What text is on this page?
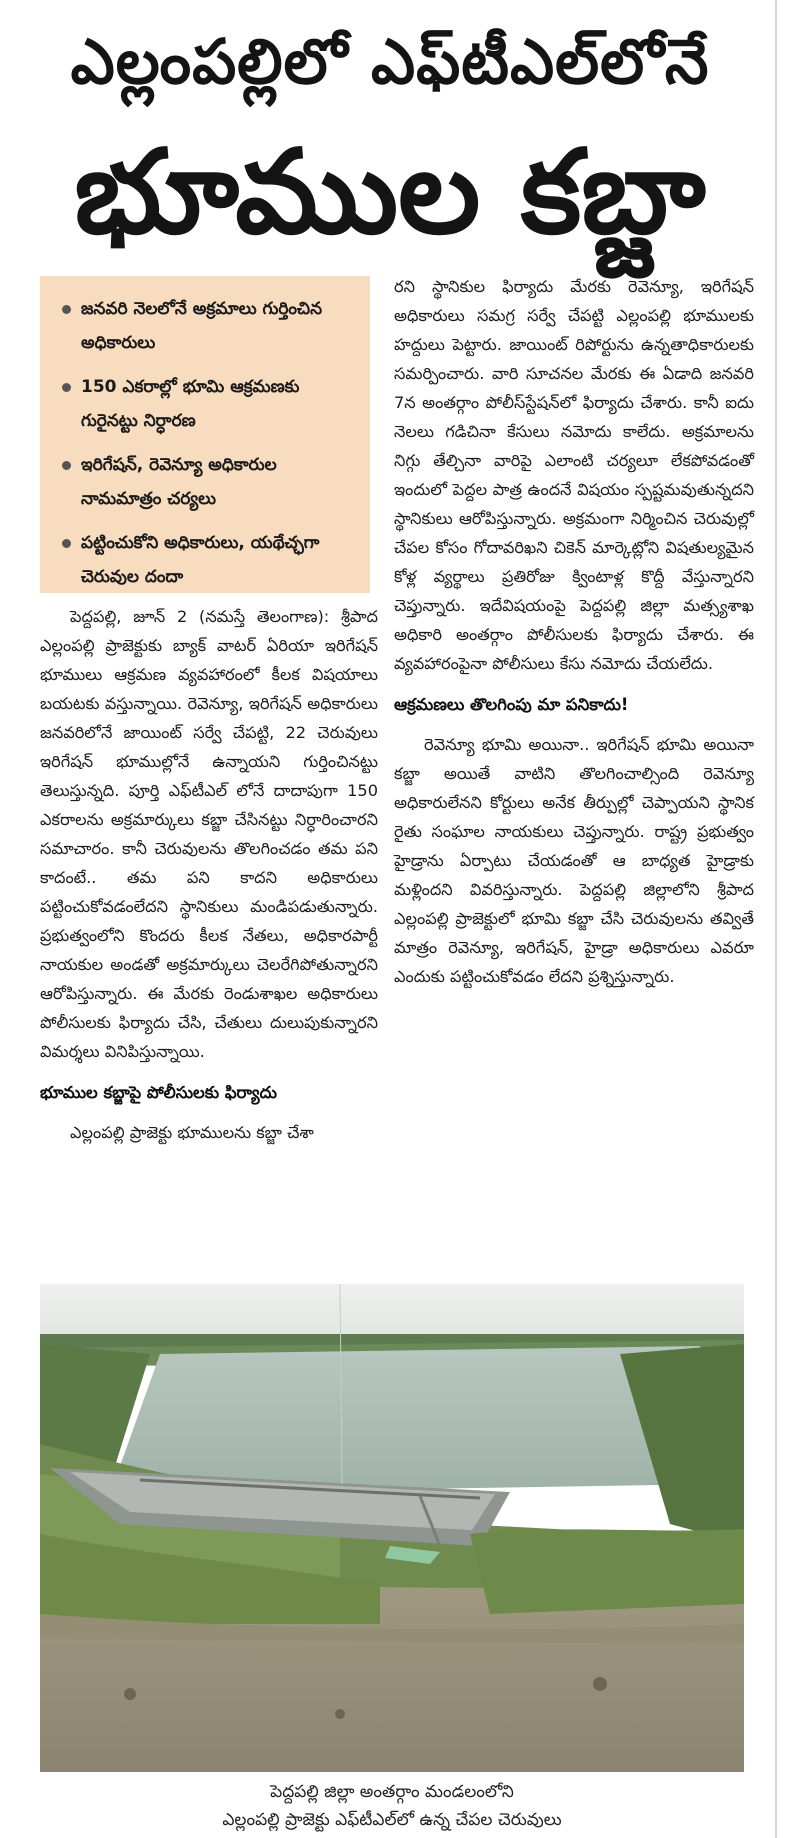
ఎల్లంపల్లిలో ఎఫ్‌టీఎల్‌లోనే
భూముల కబ్జా
జనవరి నెలలోనే అక్రమాలు గుర్తించిన అధికారులు
150 ఎకరాల్లో భూమి ఆక్రమణకు గురైనట్టు నిర్ధారణ
ఇరిగేషన్, రెవెన్యూ అధికారుల నామమాత్రం చర్యలు
పట్టించుకోని అధికారులు, యథేచ్ఛగా చెరువుల దందా

పెద్దపల్లి, జూన్ 2 (నమస్తే తెలంగాణ): శ్రీపాద ఎల్లంపల్లి ప్రాజెక్టుకు బ్యాక్ వాటర్ ఏరియా ఇరిగేషన్ భూములు ఆక్రమణ వ్యవహారంలో కీలక విషయాలు బయటకు వస్తున్నాయి. రెవెన్యూ, ఇరిగేషన్ అధికారులు జనవరిలోనే జాయింట్ సర్వే చేపట్టి, 22 చెరువులు ఇరిగేషన్ భూముల్లోనే ఉన్నాయని గుర్తించినట్టు తెలుస్తున్నది. పూర్తి ఎఫ్‌టీఎల్ లోనే దాదాపుగా 150 ఎకరాలను అక్రమార్కులు కబ్జా చేసినట్టు నిర్ధారించారని సమాచారం. కానీ చెరువులను తొలగించడం తమ పని కాదంటే.. తమ పని కాదని అధికారులు పట్టించుకోవడంలేదని స్థానికులు మండిపడుతున్నారు. ప్రభుత్వంలోని కొందరు కీలక నేతలు, అధికారపార్టీ నాయకుల అండతో అక్రమార్కులు చెలరేగిపోతున్నారని ఆరోపిస్తున్నారు. ఈ మేరకు రెండుశాఖల అధికారులు పోలీసులకు ఫిర్యాదు చేసి, చేతులు దులుపుకున్నారని విమర్శలు వినిపిస్తున్నాయి.

భూముల కబ్జాపై పోలీసులకు ఫిర్యాదు

ఎల్లంపల్లి ప్రాజెక్టు భూములను కబ్జా చేశా

రని స్థానికుల ఫిర్యాదు మేరకు రెవెన్యూ, ఇరిగేషన్ అధికారులు సమగ్ర సర్వే చేపట్టి ఎల్లంపల్లి భూములకు హద్దులు పెట్టారు. జాయింట్ రిపోర్టును ఉన్నతాధికారులకు సమర్పించారు. వారి సూచనల మేరకు ఈ ఏడాది జనవరి 7న అంతర్గాం పోలీస్‌స్టేషన్‌లో ఫిర్యాదు చేశారు. కానీ ఐదు నెలలు గడిచినా కేసులు నమోదు కాలేదు. అక్రమాలను నిగ్గు తేల్చినా వారిపై ఎలాంటి చర్యలూ లేకపోవడంతో ఇందులో పెద్దల పాత్ర ఉందనే విషయం స్పష్టమవుతున్నదని స్థానికులు ఆరోపిస్తున్నారు. అక్రమంగా నిర్మించిన చెరువుల్లో చేపల కోసం గోదావరిఖని చికెన్ మార్కెట్లోని విషతుల్యమైన కోళ్ల వ్యర్థాలు ప్రతిరోజు క్వింటాళ్ల కొద్దీ వేస్తున్నారని చెప్తున్నారు. ఇదేవిషయంపై పెద్దపల్లి జిల్లా మత్స్యశాఖ అధికారి అంతర్గాం పోలీసులకు ఫిర్యాదు చేశారు. ఈ వ్యవహారంపైనా పోలీసులు కేసు నమోదు చేయలేదు.

ఆక్రమణలు తొలగింపు మా పనికాదు!

రెవెన్యూ భూమి అయినా.. ఇరిగేషన్ భూమి అయినా కబ్జా అయితే వాటిని తొలగించాల్సింది రెవెన్యూ అధికారులేనని కోర్టులు అనేక తీర్పుల్లో చెప్పాయని స్థానిక రైతు సంఘాల నాయకులు చెప్తున్నారు. రాష్ట్ర ప్రభుత్వం హైడ్రాను ఏర్పాటు చేయడంతో ఆ బాధ్యత హైడ్రాకు మళ్లిందని వివరిస్తున్నారు. పెద్దపల్లి జిల్లాలోని శ్రీపాద ఎల్లంపల్లి ప్రాజెక్టులో భూమి కబ్జా చేసి చెరువులను తవ్వితే మాత్రం రెవెన్యూ, ఇరిగేషన్, హైడ్రా అధికారులు ఎవరూ ఎందుకు పట్టించుకోవడం లేదని ప్రశ్నిస్తున్నారు.

పెద్దపల్లి జిల్లా అంతర్గాం మండలంలోని
ఎల్లంపల్లి ప్రాజెక్టు ఎఫ్‌టీఎల్‌లో ఉన్న చేపల చెరువులు
